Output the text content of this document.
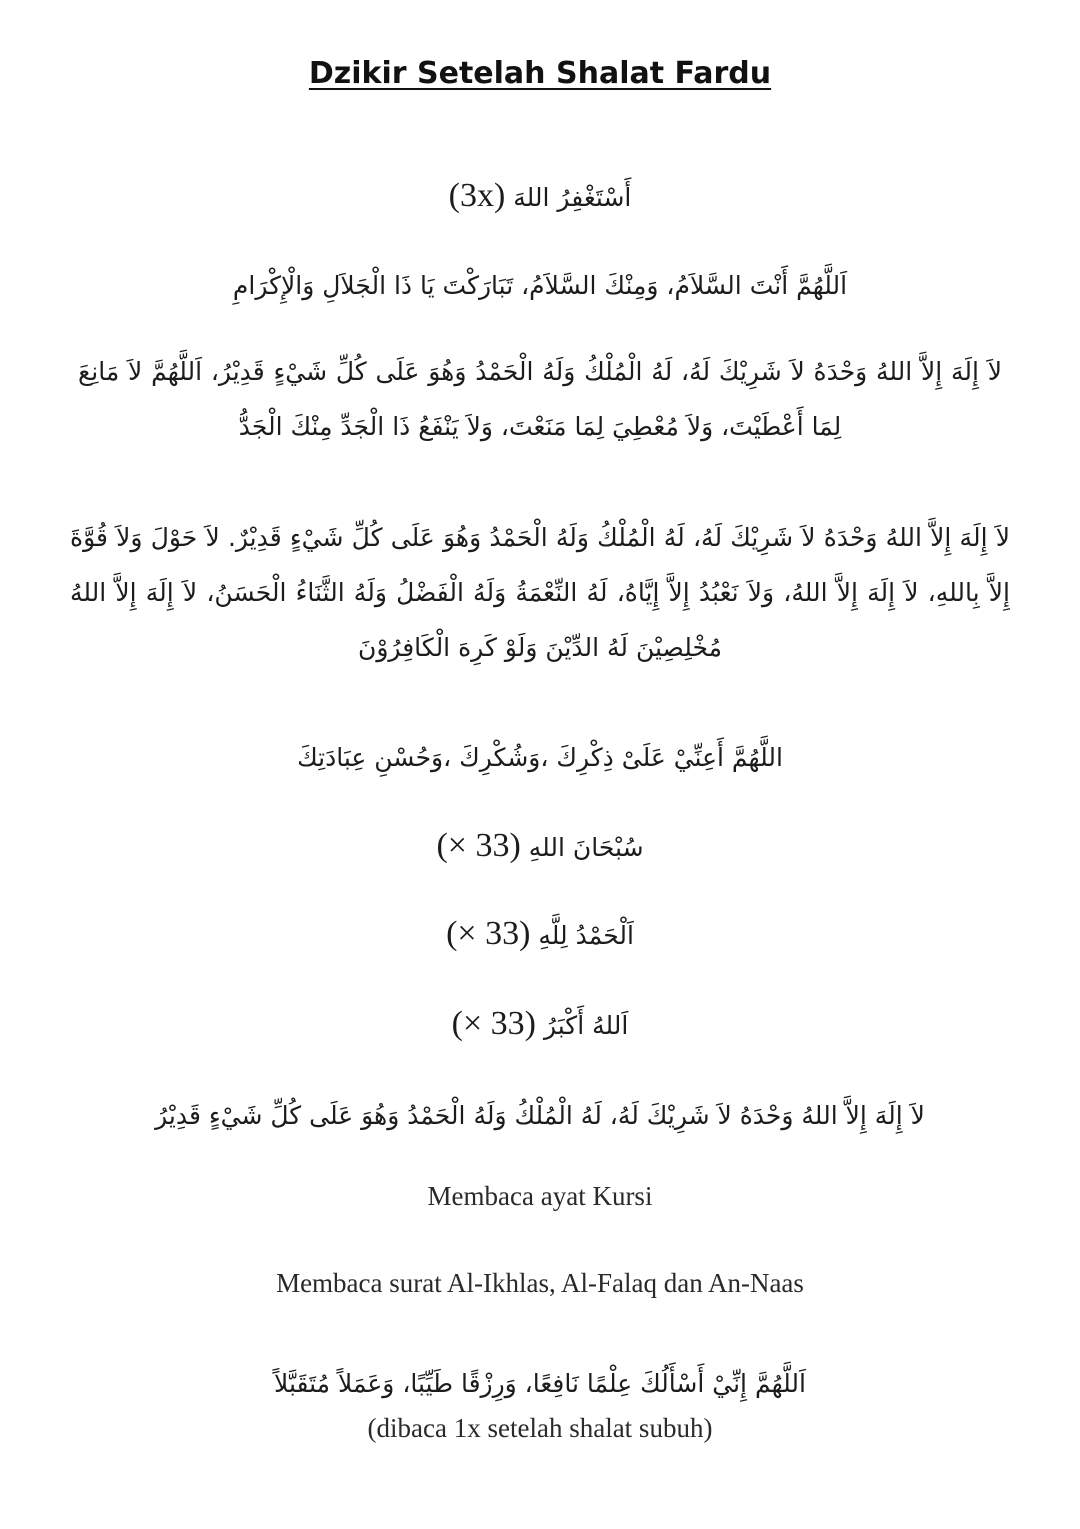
Dzikir Setelah Shalat Fardu
أَسْتَغْفِرُ اللهَ (3x)
اَللَّهُمَّ أَنْتَ السَّلاَمُ، وَمِنْكَ السَّلاَمُ، تَبَارَكْتَ يَا ذَا الْجَلاَلِ وَالْإِكْرَامِ
لاَ إِلَهَ إِلاَّ اللهُ وَحْدَهُ لاَ شَرِيْكَ لَهُ، لَهُ الْمُلْكُ وَلَهُ الْحَمْدُ وَهُوَ عَلَى كُلِّ شَيْءٍ قَدِيْرُ، اَللَّهُمَّ لاَ مَانِعَ لِمَا أَعْطَيْتَ، وَلاَ مُعْطِيَ لِمَا مَنَعْتَ، وَلاَ يَنْفَعُ ذَا الْجَدِّ مِنْكَ الْجَدُّ
لاَ إِلَهَ إِلاَّ اللهُ وَحْدَهُ لاَ شَرِيْكَ لَهُ، لَهُ الْمُلْكُ وَلَهُ الْحَمْدُ وَهُوَ عَلَى كُلِّ شَيْءٍ قَدِيْرٌ. لاَ حَوْلَ وَلاَ قُوَّةَ إِلاَّ بِاللهِ، لاَ إِلَهَ إِلاَّ اللهُ، وَلاَ نَعْبُدُ إِلاَّ إِيَّاهُ، لَهُ النِّعْمَةُ وَلَهُ الْفَضْلُ وَلَهُ الثَّنَاءُ الْحَسَنُ، لاَ إِلَهَ إِلاَّ اللهُ مُخْلِصِيْنَ لَهُ الدِّيْنَ وَلَوْ كَرِهَ الْكَافِرُوْنَ
اللَّهُمَّ أَعِنِّيْ عَلَىْ ذِكْرِكَ ،وَشُكْرِكَ ،وَحُسْنِ عِبَادَتِكَ
سُبْحَانَ اللهِ (× 33)
اَلْحَمْدُ لِلَّهِ (× 33)
اَللهُ أَكْبَرُ (× 33)
لاَ إِلَهَ إِلاَّ اللهُ وَحْدَهُ لاَ شَرِيْكَ لَهُ، لَهُ الْمُلْكُ وَلَهُ الْحَمْدُ وَهُوَ عَلَى كُلِّ شَيْءٍ قَدِيْرُ
Membaca ayat Kursi
Membaca surat Al-Ikhlas, Al-Falaq dan An-Naas
اَللَّهُمَّ إِنِّيْ أَسْأَلُكَ عِلْمًا نَافِعًا، وَرِزْقًا طَيِّبًا، وَعَمَلاً مُتَقَبَّلاً
(dibaca 1x setelah shalat subuh)
